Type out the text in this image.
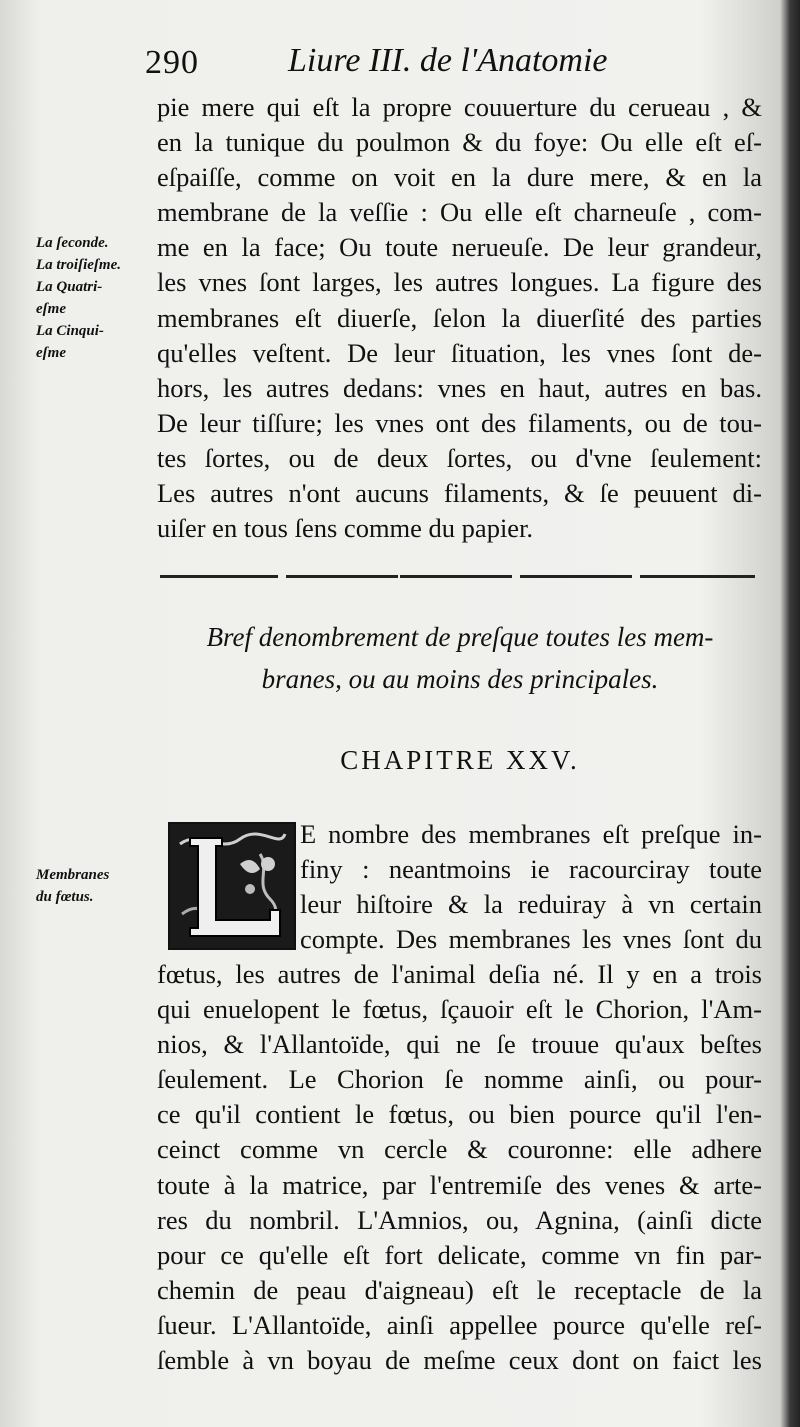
290	Liure III. de l'Anatomie
pie mere qui eſt la propre couuerture du cerueau , &
en la tunique du poulmon & du foye: Ou elle eſt eſ-
eſpaiſſe, comme on voit en la dure mere, & en la
membrane de la veſſie : Ou elle eſt charneuſe , com-
me en la face; Ou toute nerueuſe. De leur grandeur,
les vnes ſont larges, les autres longues. La figure des
membranes eſt diuerſe, ſelon la diuerſité des parties
qu'elles veſtent. De leur ſituation, les vnes ſont de-
hors, les autres dedans: vnes en haut, autres en bas.
De leur tiſſure; les vnes ont des filaments, ou de tou-
tes ſortes, ou de deux ſortes, ou d'vne ſeulement:
Les autres n'ont aucuns filaments, & ſe peuuent di-
uiſer en tous ſens comme du papier.
La ſeconde.
La troiſieſme.
La Quatri-
eſme
La Cinqui-
eſme
Bref denombrement de preſque toutes les mem-
branes, ou au moins des principales.
CHAPITRE XXV.
E nombre des membranes eſt preſque in-
finy : neantmoins ie racourciray toute
leur hiſtoire & la reduiray à vn certain
compte. Des membranes les vnes ſont du
fœtus, les autres de l'animal deſia né. Il y en a trois
qui enuelopent le fœtus, ſçauoir eſt le Chorion, l'Am-
nios, & l'Allantoïde, qui ne ſe trouue qu'aux beſtes
ſeulement. Le Chorion ſe nomme ainſi, ou pour-
ce qu'il contient le fœtus, ou bien pource qu'il l'en-
ceinct comme vn cercle & couronne: elle adhere
toute à la matrice, par l'entremiſe des venes & arte-
res du nombril. L'Amnios, ou, Agnina, (ainſi dicte
pour ce qu'elle eſt fort delicate, comme vn fin par-
chemin de peau d'aigneau) eſt le receptacle de la
ſueur. L'Allantoïde, ainſi appellee pource qu'elle reſ-
ſemble à vn boyau de meſme ceux dont on faict les
Membranes
du fœtus.
